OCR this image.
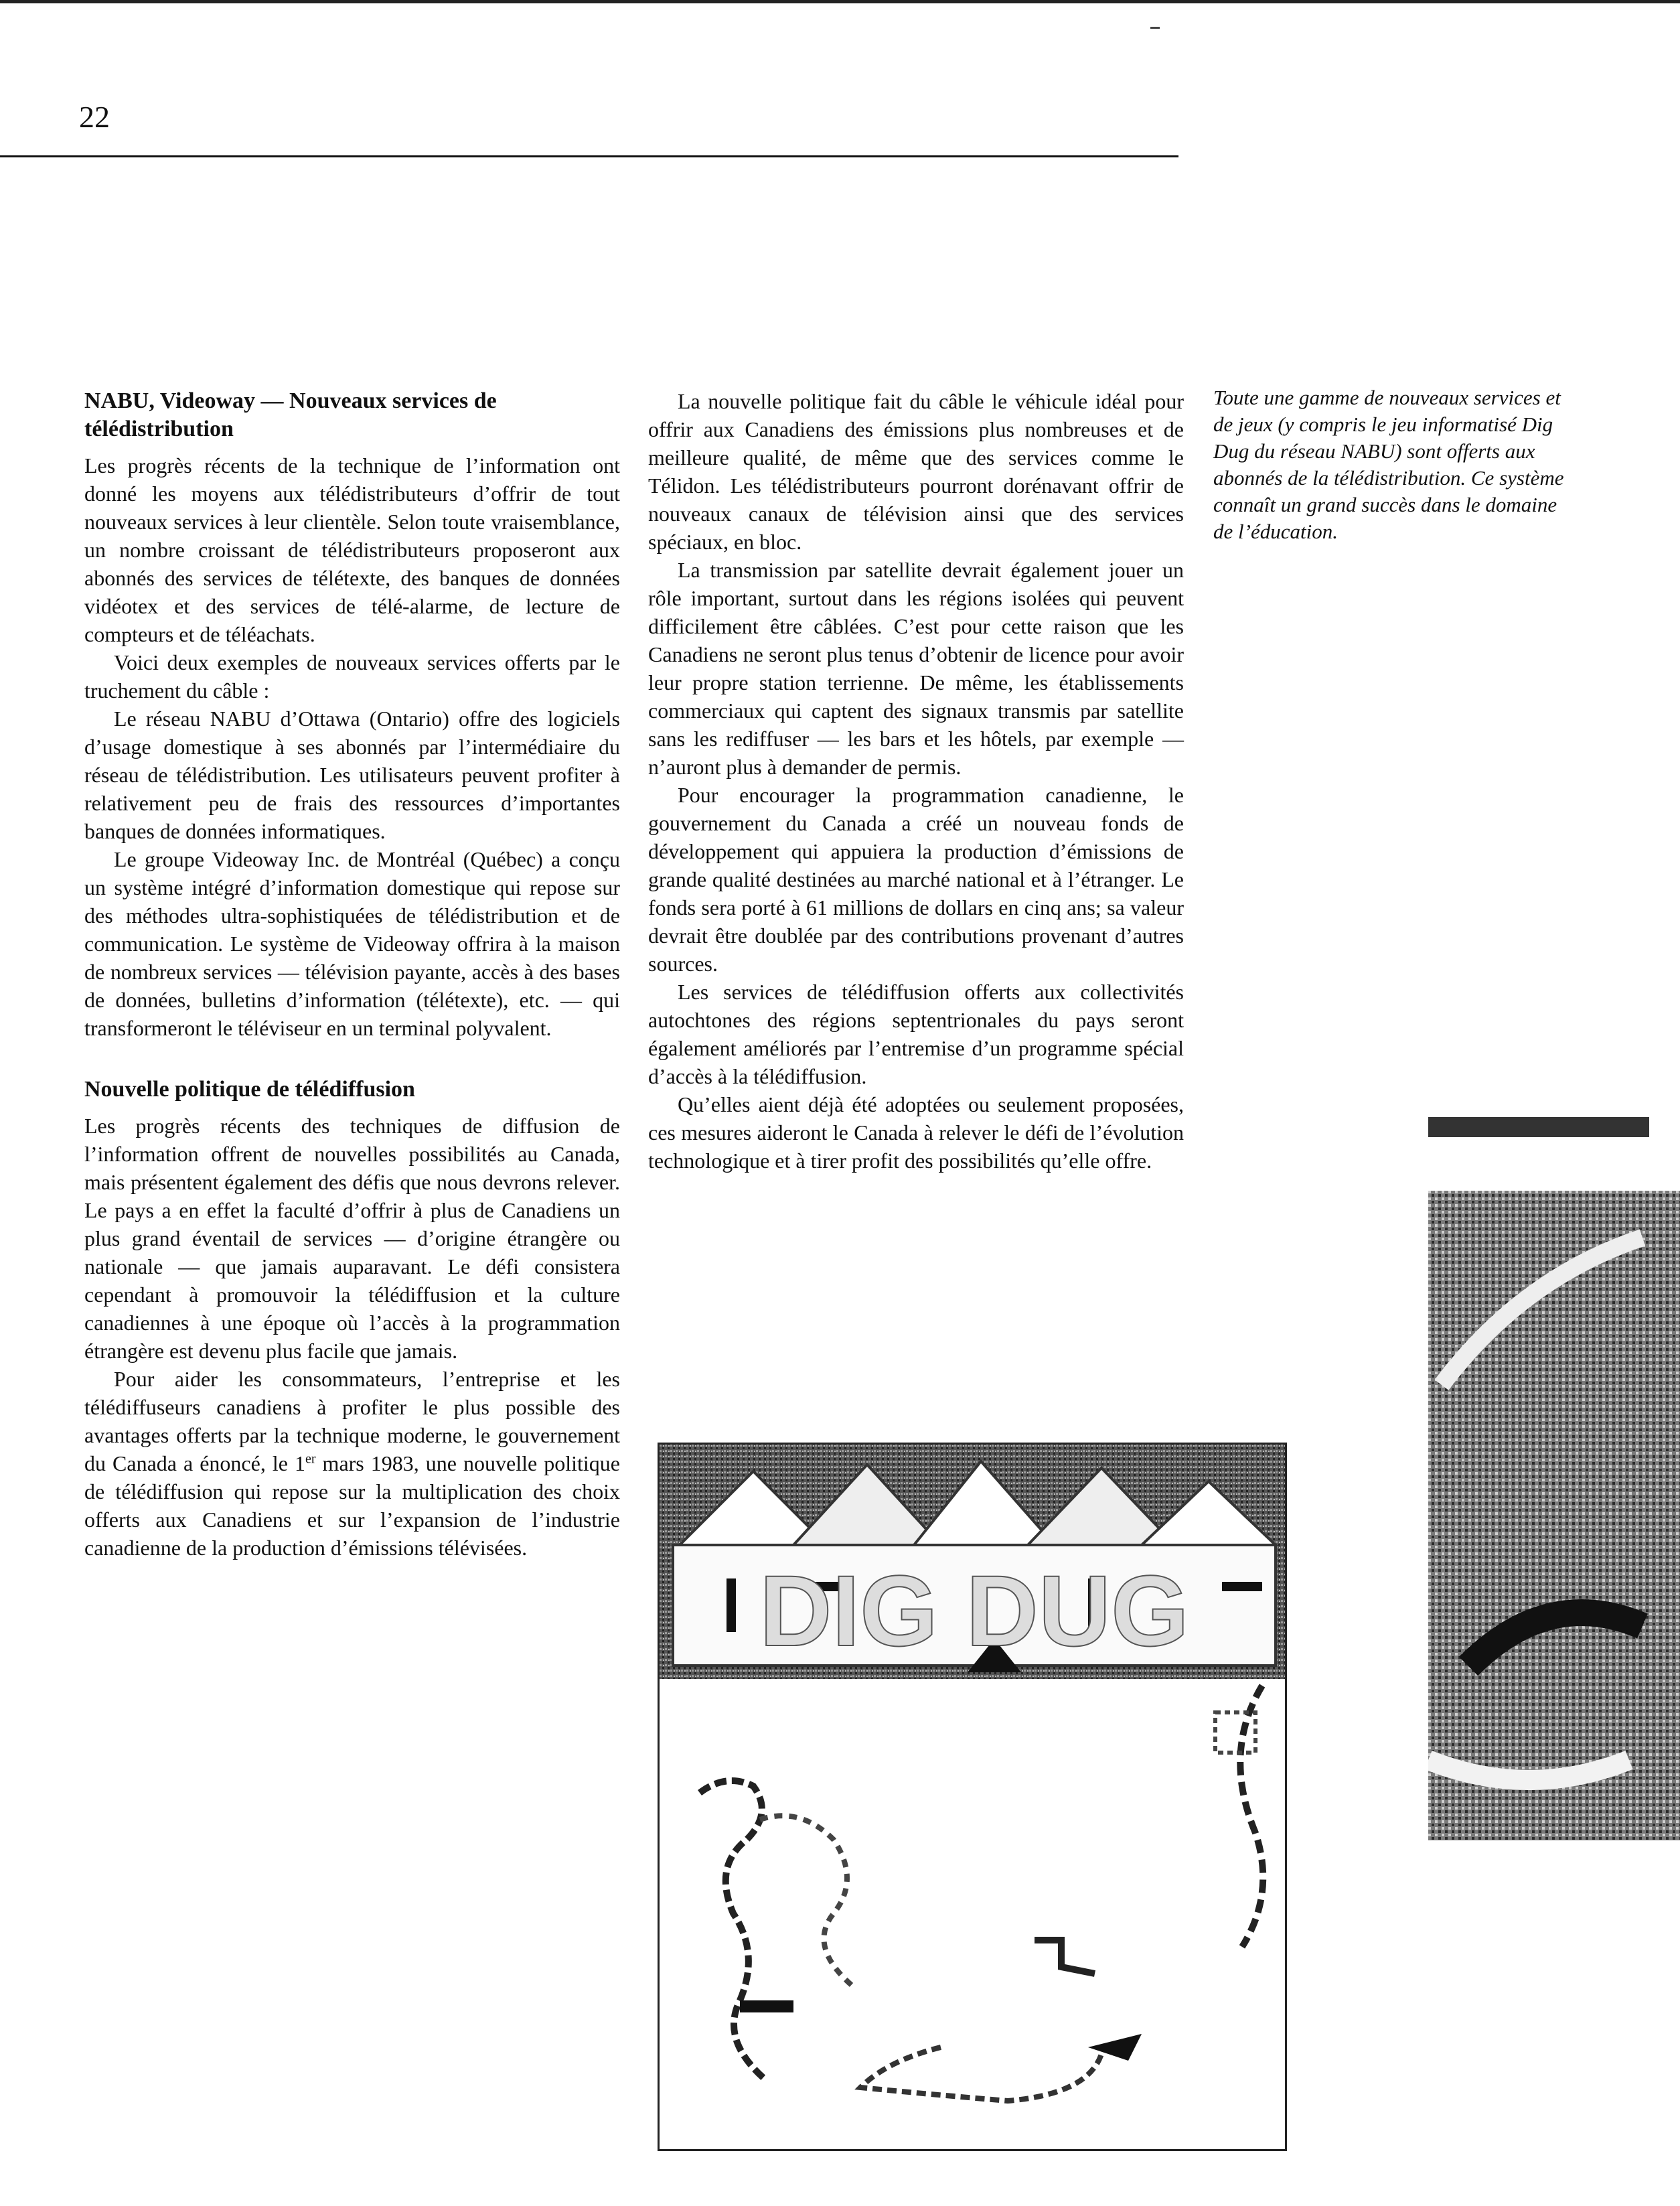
22
NABU, Videoway — Nouveaux services de télédistribution

Les progrès récents de la technique de l’information ont donné les moyens aux télédistributeurs d’offrir de tout nouveaux services à leur clientèle. Selon toute vraisemblance, un nombre croissant de télédistributeurs proposeront aux abonnés des services de télétexte, des banques de données vidéotex et des services de télé-alarme, de lecture de compteurs et de téléachats.

Voici deux exemples de nouveaux services offerts par le truchement du câble :

Le réseau NABU d’Ottawa (Ontario) offre des logiciels d’usage domestique à ses abonnés par l’intermédiaire du réseau de télédistribution. Les utilisateurs peuvent profiter à relativement peu de frais des ressources d’importantes banques de données informatiques.

Le groupe Videoway Inc. de Montréal (Québec) a conçu un système intégré d’information domestique qui repose sur des méthodes ultra-sophistiquées de télédistribution et de communication. Le système de Videoway offrira à la maison de nombreux services — télévision payante, accès à des bases de données, bulletins d’information (télétexte), etc. — qui transformeront le téléviseur en un terminal polyvalent.

Nouvelle politique de télédiffusion

Les progrès récents des techniques de diffusion de l’information offrent de nouvelles possibilités au Canada, mais présentent également des défis que nous devrons relever. Le pays a en effet la faculté d’offrir à plus de Canadiens un plus grand éventail de services — d’origine étrangère ou nationale — que jamais auparavant. Le défi consistera cependant à promouvoir la télédiffusion et la culture canadiennes à une époque où l’accès à la programmation étrangère est devenu plus facile que jamais.

Pour aider les consommateurs, l’entreprise et les télédiffuseurs canadiens à profiter le plus possible des avantages offerts par la technique moderne, le gouvernement du Canada a énoncé, le 1er mars 1983, une nouvelle politique de télédiffusion qui repose sur la multiplication des choix offerts aux Canadiens et sur l’expansion de l’industrie canadienne de la production d’émissions télévisées.

La nouvelle politique fait du câble le véhicule idéal pour offrir aux Canadiens des émissions plus nombreuses et de meilleure qualité, de même que des services comme le Télidon. Les télédistributeurs pourront dorénavant offrir de nouveaux canaux de télévision ainsi que des services spéciaux, en bloc.

La transmission par satellite devrait également jouer un rôle important, surtout dans les régions isolées qui peuvent difficilement être câblées. C’est pour cette raison que les Canadiens ne seront plus tenus d’obtenir de licence pour avoir leur propre station terrienne. De même, les établissements commerciaux qui captent des signaux transmis par satellite sans les rediffuser — les bars et les hôtels, par exemple — n’auront plus à demander de permis.

Pour encourager la programmation canadienne, le gouvernement du Canada a créé un nouveau fonds de développement qui appuiera la production d’émissions de grande qualité destinées au marché national et à l’étranger. Le fonds sera porté à 61 millions de dollars en cinq ans; sa valeur devrait être doublée par des contributions provenant d’autres sources.

Les services de télédiffusion offerts aux collectivités autochtones des régions septentrionales du pays seront également améliorés par l’entremise d’un programme spécial d’accès à la télédiffusion.

Qu’elles aient déjà été adoptées ou seulement proposées, ces mesures aideront le Canada à relever le défi de l’évolution technologique et à tirer profit des possibilités qu’elle offre.

Toute une gamme de nouveaux services et de jeux (y compris le jeu informatisé Dig Dug du réseau NABU) sont offerts aux abonnés de la télédistribution. Ce système connaît un grand succès dans le domaine de l’éducation.

DIG DUG
